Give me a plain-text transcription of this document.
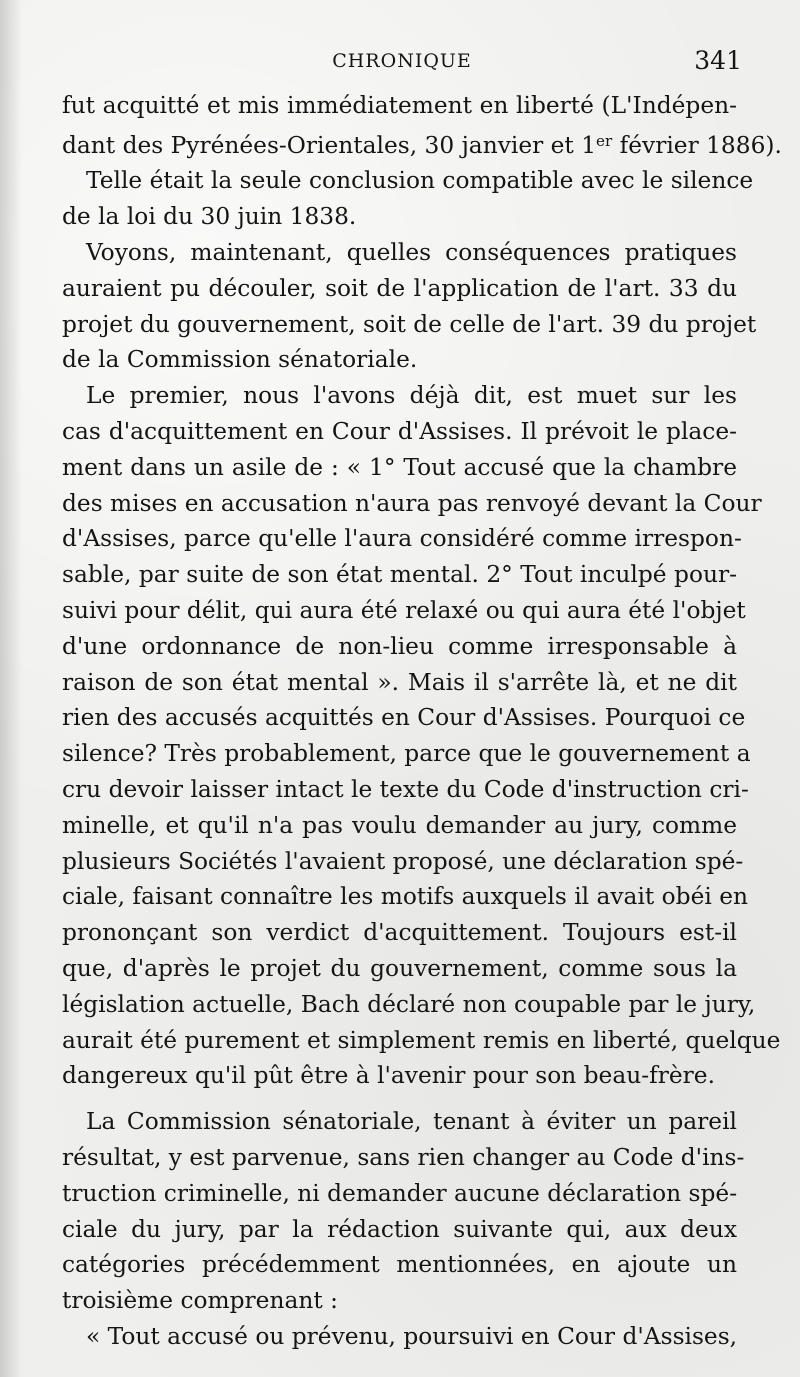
CHRONIQUE	341
fut acquitté et mis immédiatement en liberté (L'Indépen-
dant des Pyrénées-Orientales, 30 janvier et 1er février 1886).
Telle était la seule conclusion compatible avec le silence
de la loi du 30 juin 1838.
Voyons, maintenant, quelles conséquences pratiques
auraient pu découler, soit de l'application de l'art. 33 du
projet du gouvernement, soit de celle de l'art. 39 du projet
de la Commission sénatoriale.
Le premier, nous l'avons déjà dit, est muet sur les
cas d'acquittement en Cour d'Assises. Il prévoit le place-
ment dans un asile de : « 1° Tout accusé que la chambre
des mises en accusation n'aura pas renvoyé devant la Cour
d'Assises, parce qu'elle l'aura considéré comme irrespon-
sable, par suite de son état mental. 2° Tout inculpé pour-
suivi pour délit, qui aura été relaxé ou qui aura été l'objet
d'une ordonnance de non-lieu comme irresponsable à
raison de son état mental ». Mais il s'arrête là, et ne dit
rien des accusés acquittés en Cour d'Assises. Pourquoi ce
silence? Très probablement, parce que le gouvernement a
cru devoir laisser intact le texte du Code d'instruction cri-
minelle, et qu'il n'a pas voulu demander au jury, comme
plusieurs Sociétés l'avaient proposé, une déclaration spé-
ciale, faisant connaître les motifs auxquels il avait obéi en
prononçant son verdict d'acquittement. Toujours est-il
que, d'après le projet du gouvernement, comme sous la
législation actuelle, Bach déclaré non coupable par le jury,
aurait été purement et simplement remis en liberté, quelque
dangereux qu'il pût être à l'avenir pour son beau-frère.
La Commission sénatoriale, tenant à éviter un pareil
résultat, y est parvenue, sans rien changer au Code d'ins-
truction criminelle, ni demander aucune déclaration spé-
ciale du jury, par la rédaction suivante qui, aux deux
catégories précédemment mentionnées, en ajoute un
troisième comprenant :
« Tout accusé ou prévenu, poursuivi en Cour d'Assises,
